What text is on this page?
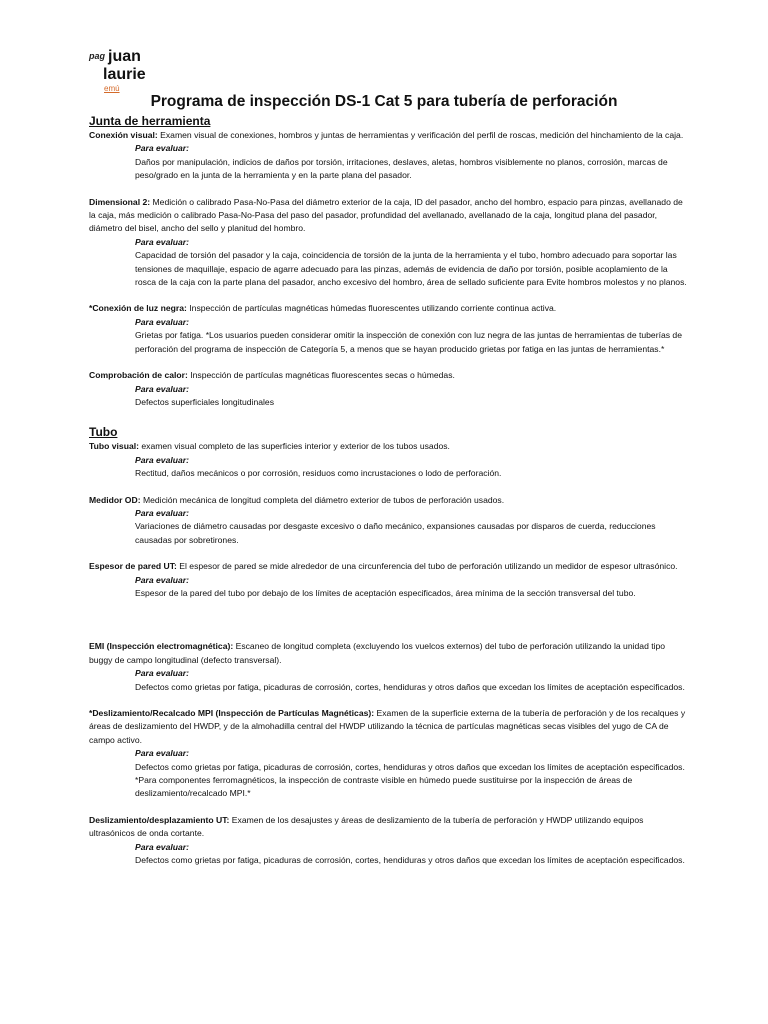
pag juan
laurie
emú
Programa de inspección DS-1 Cat 5 para tubería de perforación
Junta de herramienta
Conexión visual: Examen visual de conexiones, hombros y juntas de herramientas y verificación del perfil de roscas, medición del hinchamiento de la caja.
Para evaluar:
Daños por manipulación, indicios de daños por torsión, irritaciones, deslaves, aletas, hombros visiblemente no planos, corrosión, marcas de peso/grado en la junta de la herramienta y en la parte plana del pasador.
Dimensional 2: Medición o calibrado Pasa-No-Pasa del diámetro exterior de la caja, ID del pasador, ancho del hombro, espacio para pinzas, avellanado de la caja, más medición o calibrado Pasa-No-Pasa del paso del pasador, profundidad del avellanado, avellanado de la caja, longitud plana del pasador, diámetro del bisel, ancho del sello y planitud del hombro.
Para evaluar:
Capacidad de torsión del pasador y la caja, coincidencia de torsión de la junta de la herramienta y el tubo, hombro adecuado para soportar las tensiones de maquillaje, espacio de agarre adecuado para las pinzas, además de evidencia de daño por torsión, posible acoplamiento de la rosca de la caja con la parte plana del pasador, ancho excesivo del hombro, área de sellado suficiente para Evite hombros molestos y no planos.
*Conexión de luz negra: Inspección de partículas magnéticas húmedas fluorescentes utilizando corriente continua activa.
Para evaluar:
Grietas por fatiga. *Los usuarios pueden considerar omitir la inspección de conexión con luz negra de las juntas de herramientas de tuberías de perforación del programa de inspección de Categoría 5, a menos que se hayan producido grietas por fatiga en las juntas de herramientas.*
Comprobación de calor: Inspección de partículas magnéticas fluorescentes secas o húmedas.
Para evaluar:
Defectos superficiales longitudinales
Tubo
Tubo visual: examen visual completo de las superficies interior y exterior de los tubos usados.
Para evaluar:
Rectitud, daños mecánicos o por corrosión, residuos como incrustaciones o lodo de perforación.
Medidor OD: Medición mecánica de longitud completa del diámetro exterior de tubos de perforación usados.
Para evaluar:
Variaciones de diámetro causadas por desgaste excesivo o daño mecánico, expansiones causadas por disparos de cuerda, reducciones causadas por sobretirones.
Espesor de pared UT: El espesor de pared se mide alrededor de una circunferencia del tubo de perforación utilizando un medidor de espesor ultrasónico.
Para evaluar:
Espesor de la pared del tubo por debajo de los límites de aceptación especificados, área mínima de la sección transversal del tubo.
EMI (Inspección electromagnética): Escaneo de longitud completa (excluyendo los vuelcos externos) del tubo de perforación utilizando la unidad tipo buggy de campo longitudinal (defecto transversal).
Para evaluar:
Defectos como grietas por fatiga, picaduras de corrosión, cortes, hendiduras y otros daños que excedan los límites de aceptación especificados.
*Deslizamiento/Recalcado MPI (Inspección de Partículas Magnéticas): Examen de la superficie externa de la tubería de perforación y de los recalques y áreas de deslizamiento del HWDP, y de la almohadilla central del HWDP utilizando la técnica de partículas magnéticas secas visibles del yugo de CA de campo activo.
Para evaluar:
Defectos como grietas por fatiga, picaduras de corrosión, cortes, hendiduras y otros daños que excedan los límites de aceptación especificados. *Para componentes ferromagnéticos, la inspección de contraste visible en húmedo puede sustituirse por la inspección de áreas de deslizamiento/recalcado MPI.*
Deslizamiento/desplazamiento UT: Examen de los desajustes y áreas de deslizamiento de la tubería de perforación y HWDP utilizando equipos ultrasónicos de onda cortante.
Para evaluar:
Defectos como grietas por fatiga, picaduras de corrosión, cortes, hendiduras y otros daños que excedan los límites de aceptación especificados.
